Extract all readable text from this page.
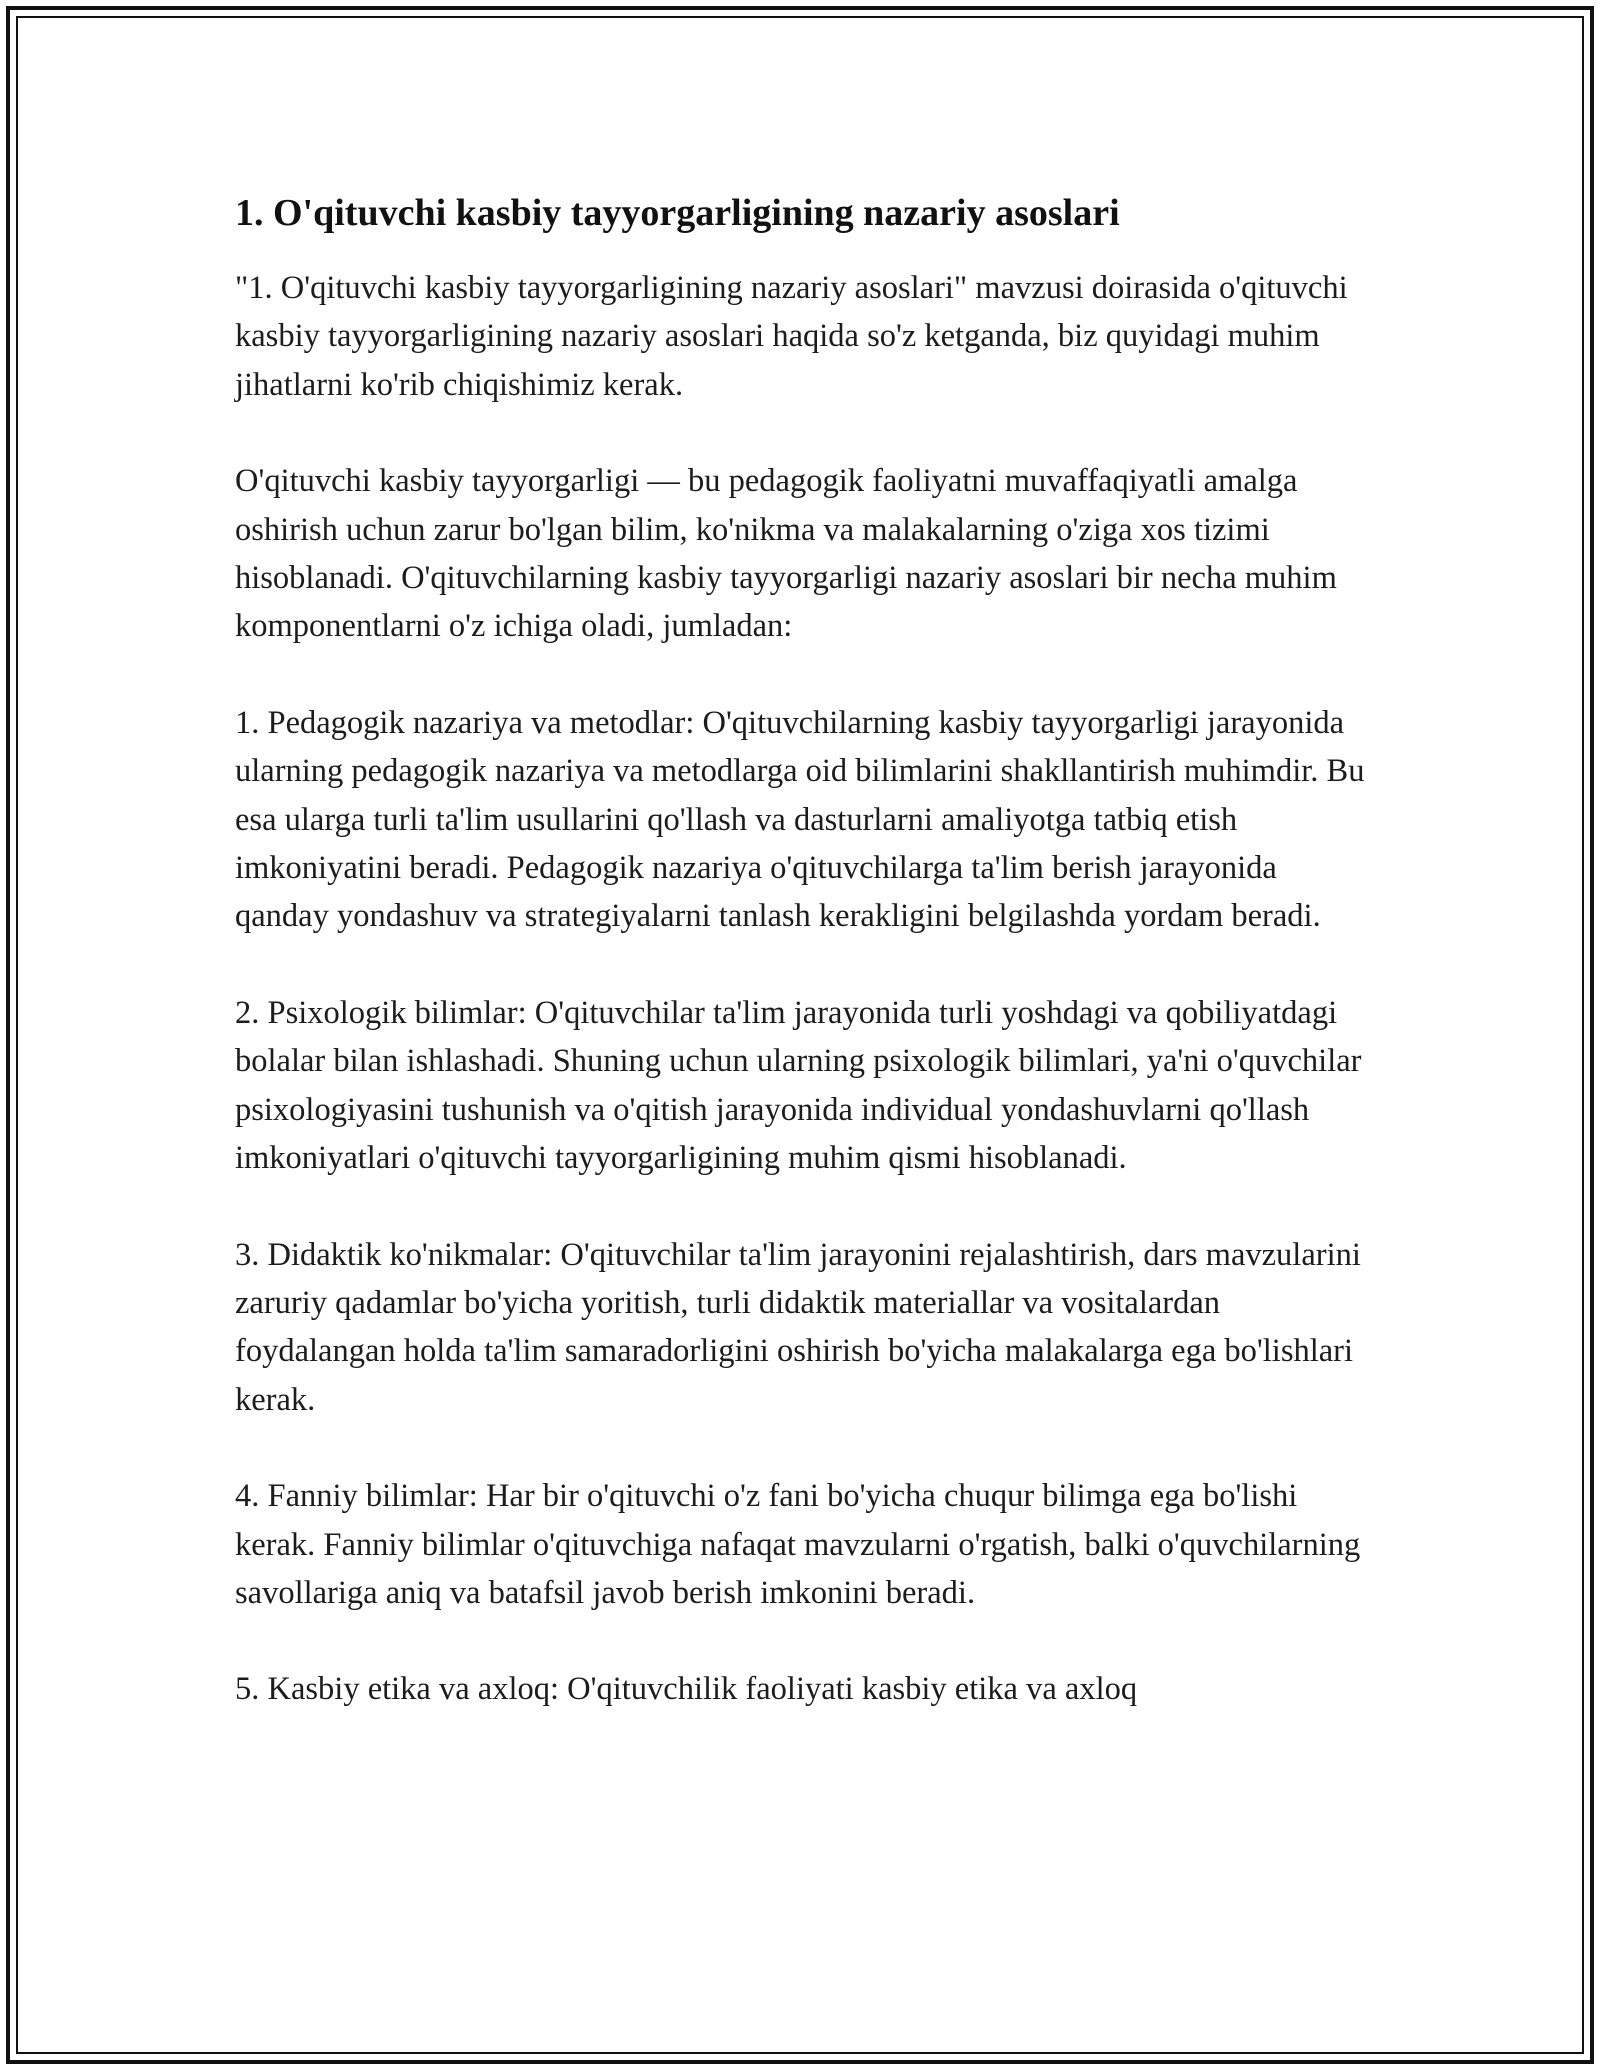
1. O'qituvchi kasbiy tayyorgarligining nazariy asoslari

"1. O'qituvchi kasbiy tayyorgarligining nazariy asoslari" mavzusi doirasida o'qituvchi kasbiy tayyorgarligining nazariy asoslari haqida so'z ketganda, biz quyidagi muhim jihatlarni ko'rib chiqishimiz kerak.

O'qituvchi kasbiy tayyorgarligi — bu pedagogik faoliyatni muvaffaqiyatli amalga oshirish uchun zarur bo'lgan bilim, ko'nikma va malakalarning o'ziga xos tizimi hisoblanadi. O'qituvchilarning kasbiy tayyorgarligi nazariy asoslari bir necha muhim komponentlarni o'z ichiga oladi, jumladan:

1. Pedagogik nazariya va metodlar: O'qituvchilarning kasbiy tayyorgarligi jarayonida ularning pedagogik nazariya va metodlarga oid bilimlarini shakllantirish muhimdir. Bu esa ularga turli ta'lim usullarini qo'llash va dasturlarni amaliyotga tatbiq etish imkoniyatini beradi. Pedagogik nazariya o'qituvchilarga ta'lim berish jarayonida qanday yondashuv va strategiyalarni tanlash kerakligini belgilashda yordam beradi.

2. Psixologik bilimlar: O'qituvchilar ta'lim jarayonida turli yoshdagi va qobiliyatdagi bolalar bilan ishlashadi. Shuning uchun ularning psixologik bilimlari, ya'ni o'quvchilar psixologiyasini tushunish va o'qitish jarayonida individual yondashuvlarni qo'llash imkoniyatlari o'qituvchi tayyorgarligining muhim qismi hisoblanadi.

3. Didaktik ko'nikmalar: O'qituvchilar ta'lim jarayonini rejalashtirish, dars mavzularini zaruriy qadamlar bo'yicha yoritish, turli didaktik materiallar va vositalardan foydalangan holda ta'lim samaradorligini oshirish bo'yicha malakalarga ega bo'lishlari kerak.

4. Fanniy bilimlar: Har bir o'qituvchi o'z fani bo'yicha chuqur bilimga ega bo'lishi kerak. Fanniy bilimlar o'qituvchiga nafaqat mavzularni o'rgatish, balki o'quvchilarning savollariga aniq va batafsil javob berish imkonini beradi.

5. Kasbiy etika va axloq: O'qituvchilik faoliyati kasbiy etika va axloq
